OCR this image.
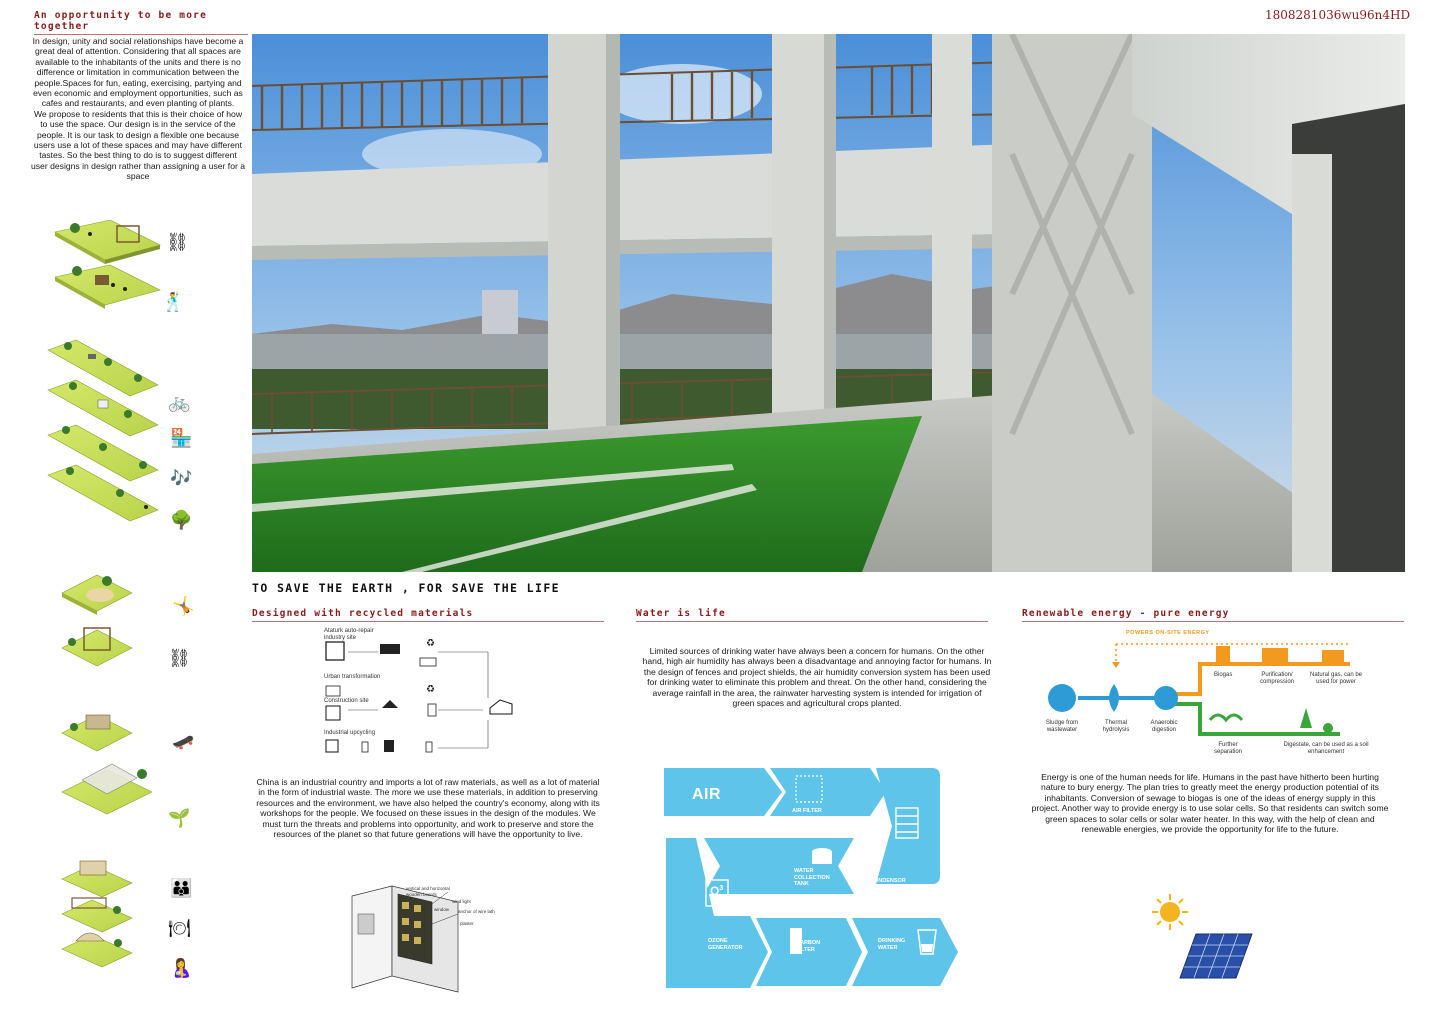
An opportunity to be more together
1808281036wu96n4HD
In design, unity and social relationships have become a great deal of attention. Considering that all spaces are available to the inhabitants of the units and there is no difference or limitation in communication between the people.Spaces for fun, eating, exercising, partying and even economic and employment opportunities, such as cafes and restaurants, and even planting of plants.
We propose to residents that this is their choice of how to use the space. Our design is in the service of the people. It is our task to design a flexible one because users use a lot of these spaces and may have different tastes. So the best thing to do is to suggest different user designs in design rather than assigning a user for a space
⛓
🕺
🚲
🏪
🎶
🌳
🤸
⛓
🛹
🌱
👪
🍽
🤱
TO SAVE THE EARTH , FOR SAVE THE LIFE
Designed with recycled materials
♻
♻
Ataturk auto-repair industry site
Urban transformation
Construction site
Industrial upcycling
China is an industrial country and imports a lot of raw materials, as well as a lot of material in the form of industrial waste. The more we use these materials, in addition to preserving resources and the environment, we have also helped the country's economy, along with its workshops for the people. We focused on these issues in the design of the modules. We must turn the threats and problems into opportunity, and work to preserve and store the resources of the planet so that future generations will have the opportunity to live.
vertical and horizontal wooden boards
window
wind light
anchor of wire lath
plaster
Water is life
Limited sources of drinking water have always been a concern for humans. On the other hand, high air humidity has always been a disadvantage and annoying factor for humans. In the design of fences and project shields, the air humidity conversion system has been used for drinking water to eliminate this problem and threat. On the other hand, considering the average rainfall in the area, the rainwater harvesting system is intended for irrigation of green spaces and agricultural crops planted.
AIR
AIR FILTER
CONDENSOR
WATER COLLECTION TANK
$O^3$
OZONE GENERATOR
CARBON FILTER
DRINKING WATER
Renewable energy - pure energy
POWERS ON-SITE ENERGY
Sludge from wastewater
Thermal hydrolysis
Anaerobic digestion
Biogas	Purification/ compression
Natural gas, can be used for power
Further separation
Digestate, can be used as a soil enhancement
Energy is one of the human needs for life. Humans in the past have hitherto been hurting nature to bury energy. The plan tries to greatly meet the energy production potential of its inhabitants. Conversion of sewage to biogas is one of the ideas of energy supply in this project. Another way to provide energy is to use solar cells. So that residents can switch some green spaces to solar cells or solar water heater. In this way, with the help of clean and renewable energies, we provide the opportunity for life to the future.
